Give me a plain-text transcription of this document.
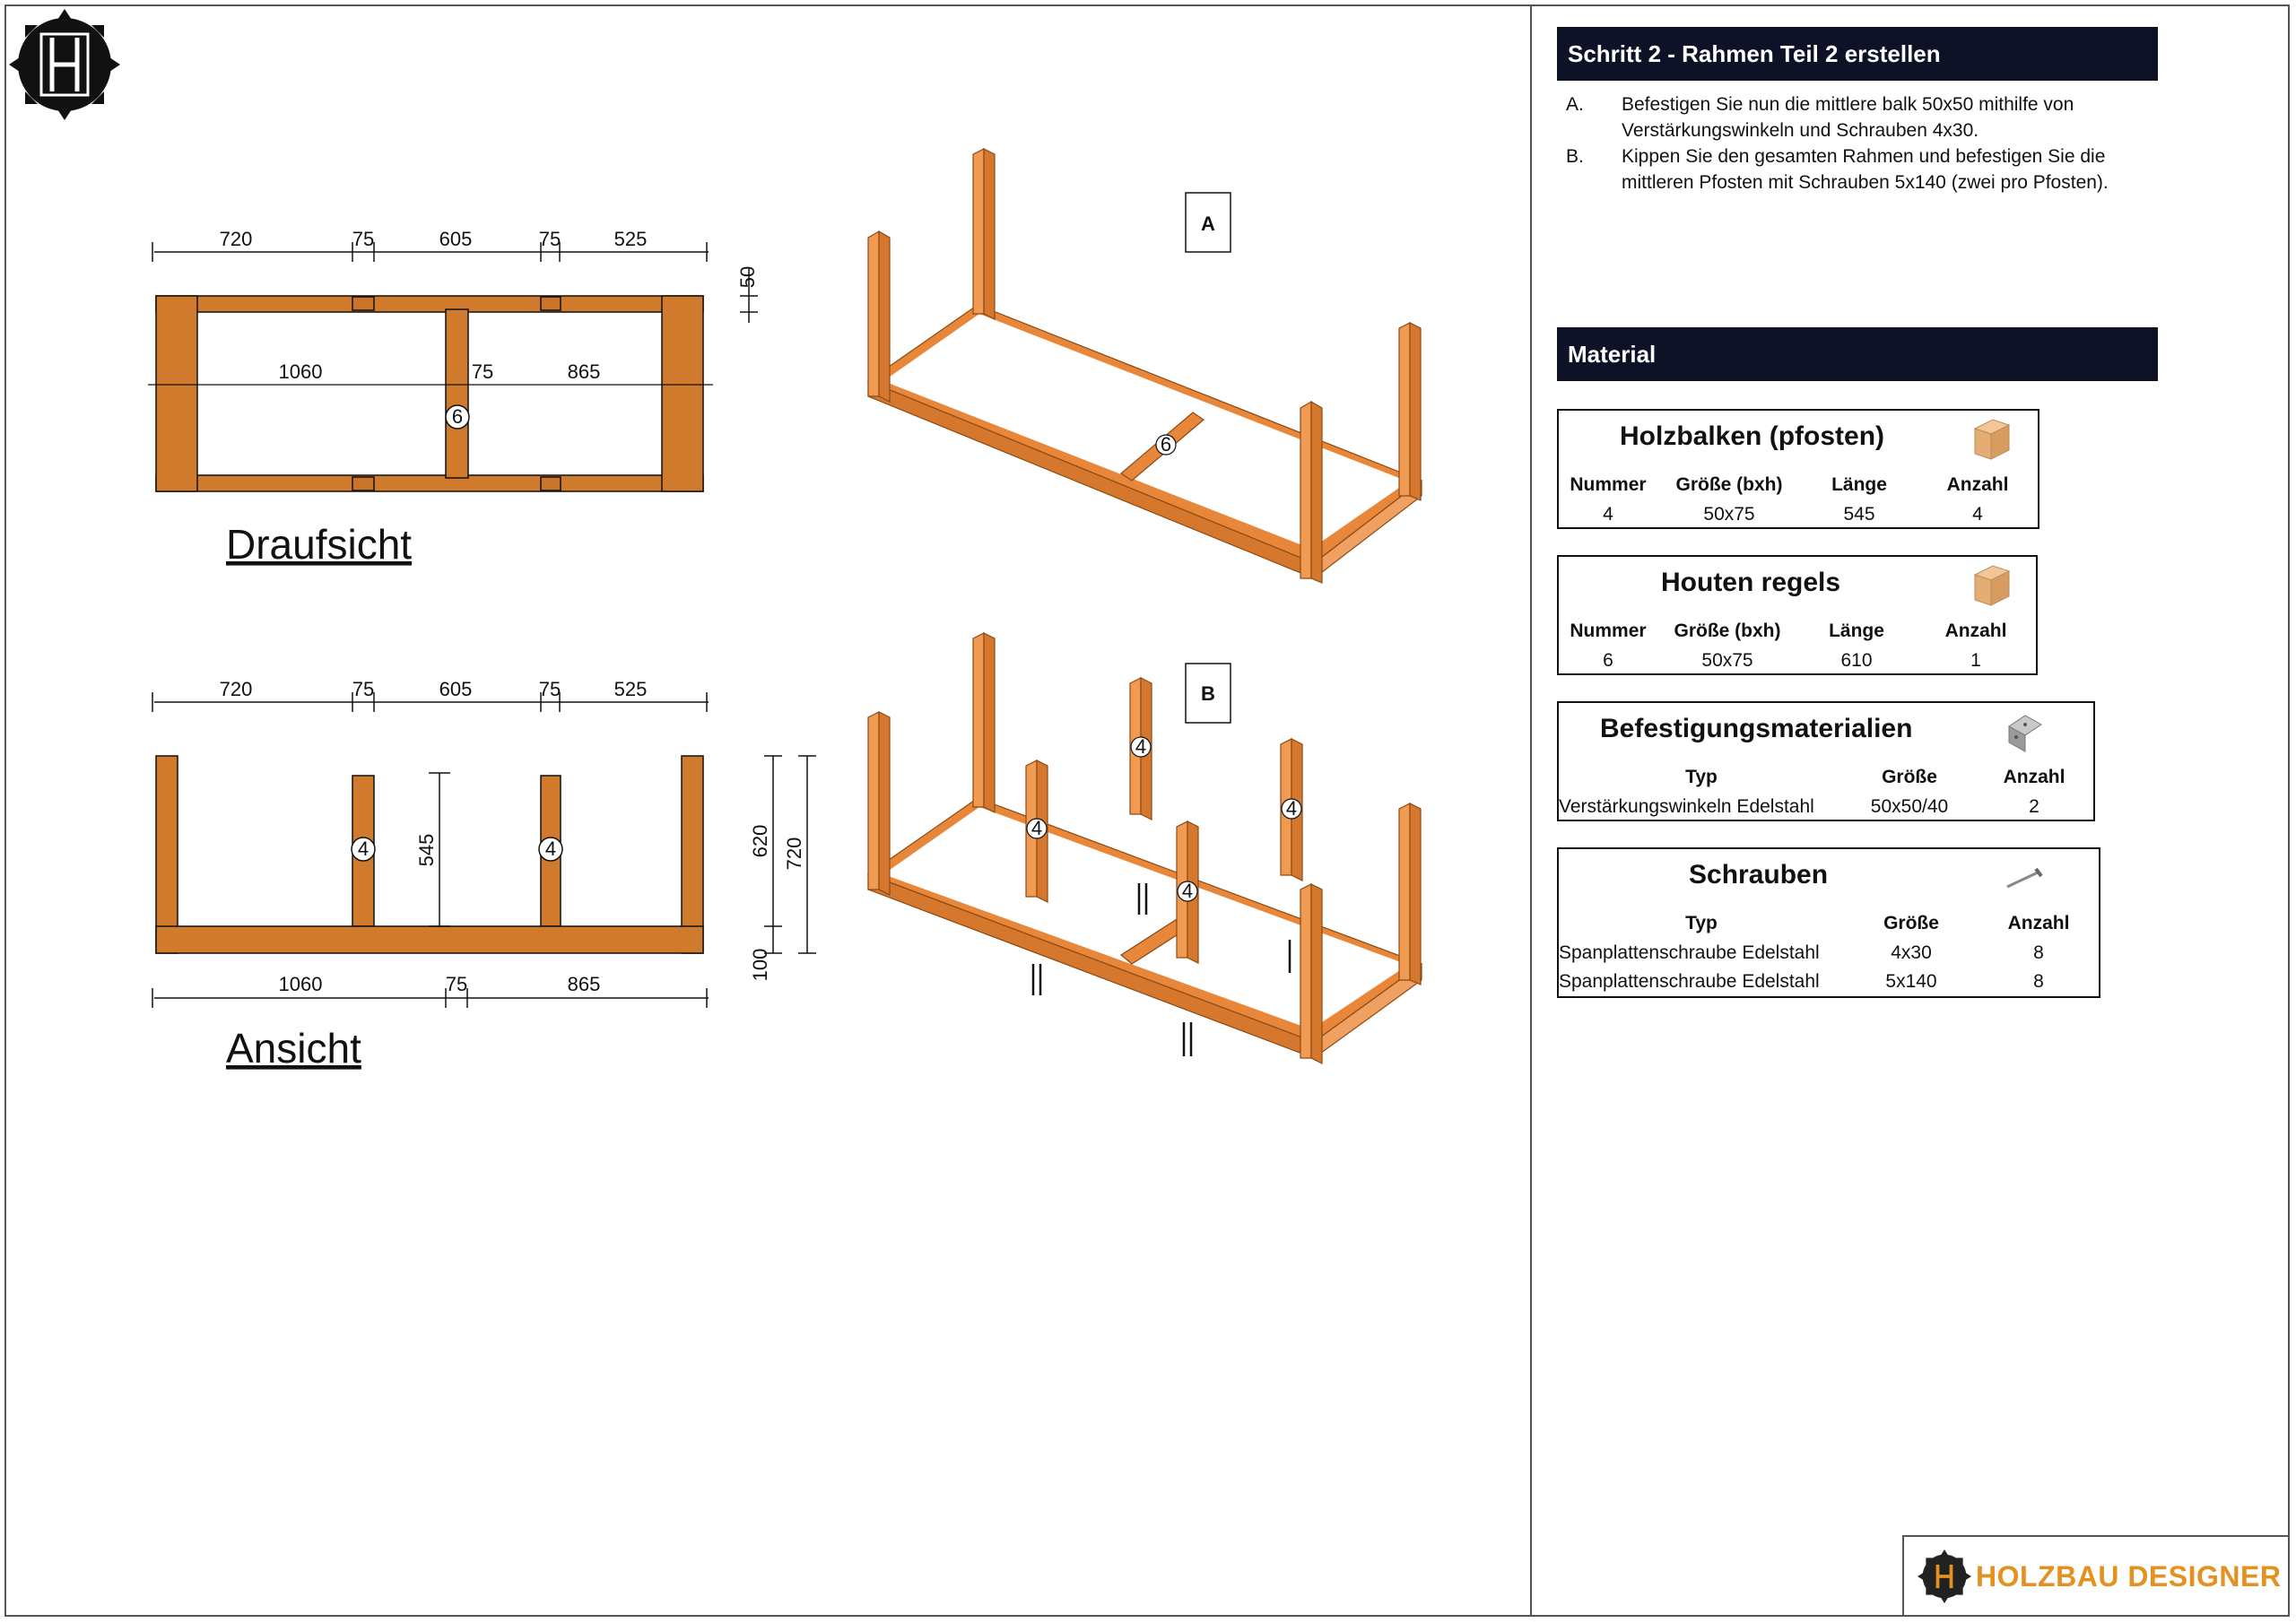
720	75	605	75	525
1060	75	865
50
6
Draufsicht
720	75	605	75	525
1060	75	865
545	620 720
100
4	4
Ansicht
A
6
B
4
4
4
4
Schritt 2 - Rahmen Teil 2 erstellen
A.	Befestigen Sie nun die mittlere balk 50x50 mithilfe von Verstärkungswinkeln und Schrauben 4x30.
B.	Kippen Sie den gesamten Rahmen und befestigen Sie die mittleren Pfosten mit Schrauben 5x140 (zwei pro Pfosten).
Material
Holzbalken (pfosten)
Nummer	Größe (bxh)	Länge	Anzahl
4	50x75	545	4
Houten regels
Nummer	Größe (bxh)	Länge	Anzahl
6	50x75	610	1
Befestigungsmaterialien
Typ	Größe	Anzahl
Verstärkungswinkeln Edelstahl	50x50/40	2
Schrauben
Typ	Größe	Anzahl
Spanplattenschraube Edelstahl	4x30	8
Spanplattenschraube Edelstahl	5x140	8
HOLZBAU DESIGNER
